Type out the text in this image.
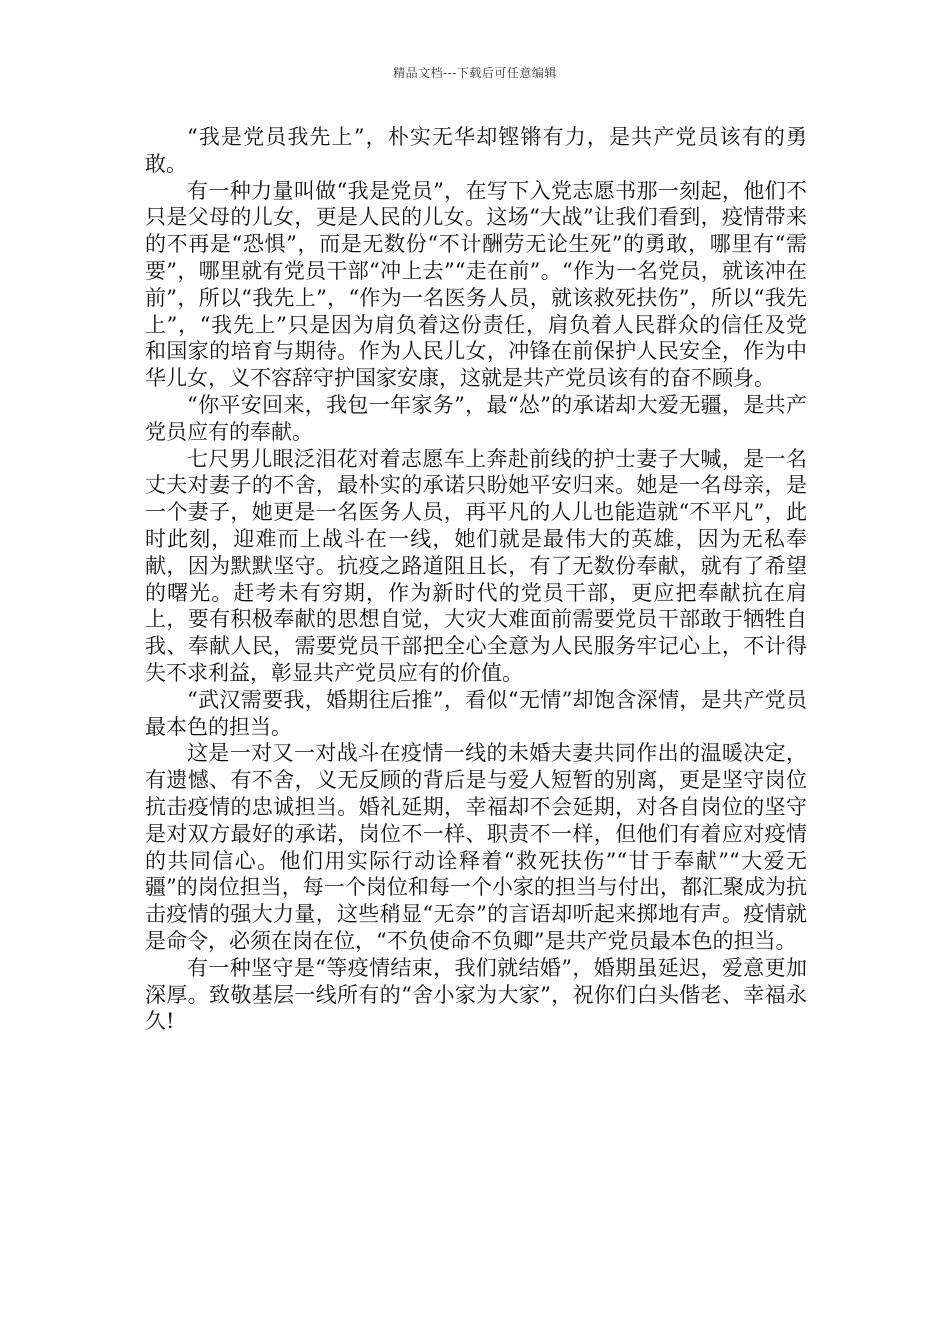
精品文档---下载后可任意编辑

“我是党员我先上”，朴实无华却铿锵有力，是共产党员该有的勇敢。

有一种力量叫做“我是党员”，在写下入党志愿书那一刻起，他们不只是父母的儿女，更是人民的儿女。这场“大战”让我们看到，疫情带来的不再是“恐惧”，而是无数份“不计酬劳无论生死”的勇敢，哪里有“需要”，哪里就有党员干部“冲上去”“走在前”。“作为一名党员，就该冲在前”，所以“我先上”，“作为一名医务人员，就该救死扶伤”，所以“我先上”，“我先上”只是因为肩负着这份责任，肩负着人民群众的信任及党和国家的培育与期待。作为人民儿女，冲锋在前保护人民安全，作为中华儿女，义不容辞守护国家安康，这就是共产党员该有的奋不顾身。

“你平安回来，我包一年家务”，最“怂”的承诺却大爱无疆，是共产党员应有的奉献。

七尺男儿眼泛泪花对着志愿车上奔赴前线的护士妻子大喊，是一名丈夫对妻子的不舍，最朴实的承诺只盼她平安归来。她是一名母亲，是一个妻子，她更是一名医务人员，再平凡的人儿也能造就“不平凡”，此时此刻，迎难而上战斗在一线，她们就是最伟大的英雄，因为无私奉献，因为默默坚守。抗疫之路道阻且长，有了无数份奉献，就有了希望的曙光。赶考未有穷期，作为新时代的党员干部，更应把奉献抗在肩上，要有积极奉献的思想自觉，大灾大难面前需要党员干部敢于牺牲自我、奉献人民，需要党员干部把全心全意为人民服务牢记心上，不计得失不求利益，彰显共产党员应有的价值。

“武汉需要我，婚期往后推”，看似“无情”却饱含深情，是共产党员最本色的担当。

这是一对又一对战斗在疫情一线的未婚夫妻共同作出的温暖决定，有遗憾、有不舍，义无反顾的背后是与爱人短暂的别离，更是坚守岗位抗击疫情的忠诚担当。婚礼延期，幸福却不会延期，对各自岗位的坚守是对双方最好的承诺，岗位不一样、职责不一样，但他们有着应对疫情的共同信心。他们用实际行动诠释着“救死扶伤”“甘于奉献”“大爱无疆”的岗位担当，每一个岗位和每一个小家的担当与付出，都汇聚成为抗击疫情的强大力量，这些稍显“无奈”的言语却听起来掷地有声。疫情就是命令，必须在岗在位，“不负使命不负卿”是共产党员最本色的担当。

有一种坚守是“等疫情结束，我们就结婚”，婚期虽延迟，爱意更加深厚。致敬基层一线所有的“舍小家为大家”，祝你们白头偕老、幸福永久!
